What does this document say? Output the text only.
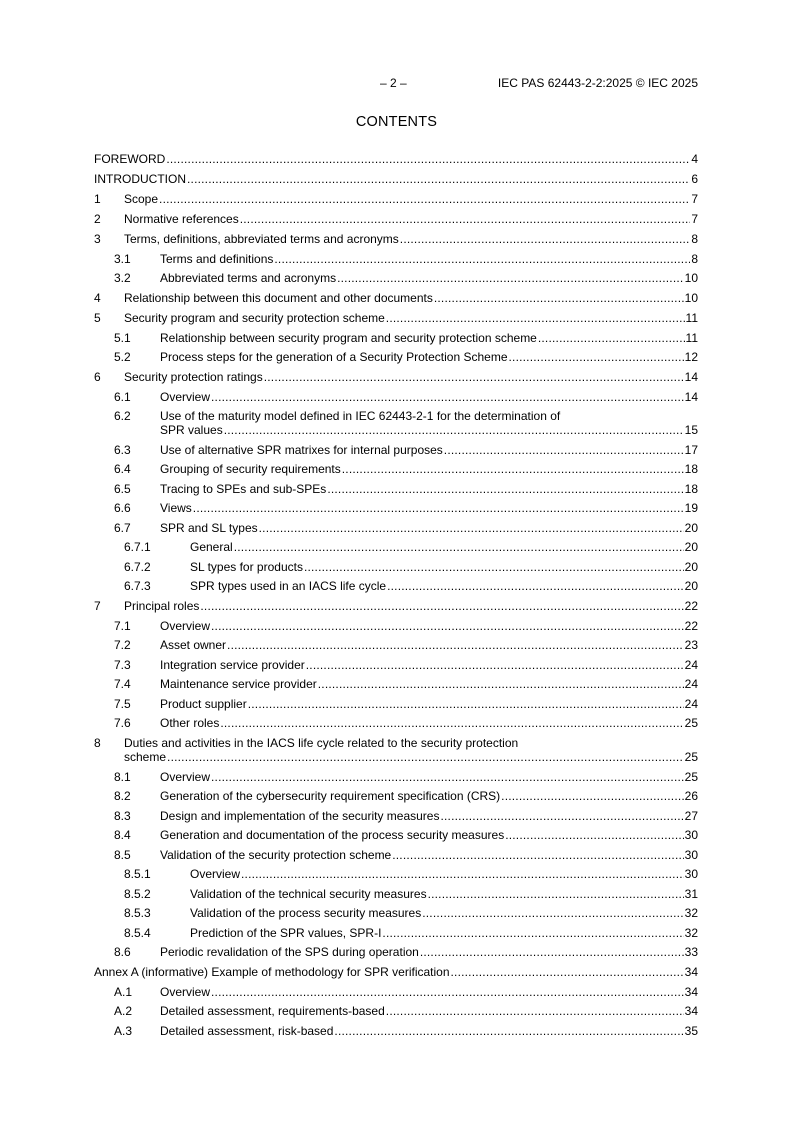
– 2 –	IEC PAS 62443-2-2:2025 © IEC 2025
CONTENTS
FOREWORD .....	4
INTRODUCTION .....	6
1 Scope .....	7
2 Normative references .....	7
3 Terms, definitions, abbreviated terms and acronyms .....	8
3.1 Terms and definitions .....	8
3.2 Abbreviated terms and acronyms .....	10
4 Relationship between this document and other documents .....	10
5 Security program and security protection scheme .....	11
5.1 Relationship between security program and security protection scheme .....	11
5.2 Process steps for the generation of a Security Protection Scheme .....	12
6 Security protection ratings .....	14
6.1 Overview .....	14
6.2 Use of the maturity model defined in IEC 62443-2-1 for the determination of
SPR values .....	15
6.3 Use of alternative SPR matrixes for internal purposes .....	17
6.4 Grouping of security requirements .....	18
6.5 Tracing to SPEs and sub-SPEs .....	18
6.6 Views .....	19
6.7 SPR and SL types .....	20
6.7.1	General .....	20
6.7.2	SL types for products .....	20
6.7.3	SPR types used in an IACS life cycle .....	20
7 Principal roles .....	22
7.1 Overview .....	22
7.2 Asset owner .....	23
7.3 Integration service provider .....	24
7.4 Maintenance service provider .....	24
7.5 Product supplier .....	24
7.6 Other roles .....	25
8 Duties and activities in the IACS life cycle related to the security protection
scheme .....	25
8.1 Overview .....	25
8.2 Generation of the cybersecurity requirement specification (CRS) .....	26
8.3 Design and implementation of the security measures .....	27
8.4 Generation and documentation of the process security measures .....	30
8.5 Validation of the security protection scheme .....	30
8.5.1	Overview .....	30
8.5.2	Validation of the technical security measures .....	31
8.5.3	Validation of the process security measures .....	32
8.5.4	Prediction of the SPR values, SPR-I .....	32
8.6 Periodic revalidation of the SPS during operation .....	33
Annex A (informative) Example of methodology for SPR verification .....	34
A.1 Overview .....	34
A.2 Detailed assessment, requirements-based .....	34
A.3 Detailed assessment, risk-based .....	35
